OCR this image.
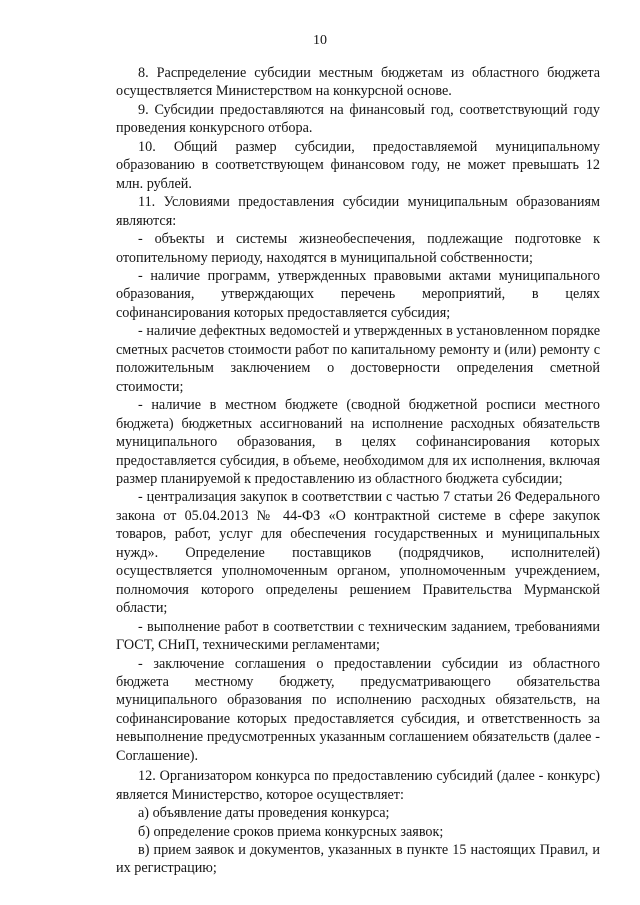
10

8. Распределение субсидии местным бюджетам из областного бюджета осуществляется Министерством на конкурсной основе.

9. Субсидии предоставляются на финансовый год, соответствующий году проведения конкурсного отбора.

10. Общий размер субсидии, предоставляемой муниципальному образованию в соответствующем финансовом году, не может превышать 12 млн. рублей.

11. Условиями предоставления субсидии муниципальным образованиям являются:

- объекты и системы жизнеобеспечения, подлежащие подготовке к отопительному периоду, находятся в муниципальной собственности;

- наличие программ, утвержденных правовыми актами муниципального образования, утверждающих перечень мероприятий, в целях софинансирования которых предоставляется субсидия;

- наличие дефектных ведомостей и утвержденных в установленном порядке сметных расчетов стоимости работ по капитальному ремонту и (или) ремонту с положительным заключением о достоверности определения сметной стоимости;

- наличие в местном бюджете (сводной бюджетной росписи местного бюджета) бюджетных ассигнований на исполнение расходных обязательств муниципального образования, в целях софинансирования которых предоставляется субсидия, в объеме, необходимом для их исполнения, включая размер планируемой к предоставлению из областного бюджета субсидии;

- централизация закупок в соответствии с частью 7 статьи 26 Федерального закона от 05.04.2013 № 44-ФЗ «О контрактной системе в сфере закупок товаров, работ, услуг для обеспечения государственных и муниципальных нужд». Определение поставщиков (подрядчиков, исполнителей) осуществляется уполномоченным органом, уполномоченным учреждением, полномочия которого определены решением Правительства Мурманской области;

- выполнение работ в соответствии с техническим заданием, требованиями ГОСТ, СНиП, техническими регламентами;

- заключение соглашения о предоставлении субсидии из областного бюджета местному бюджету, предусматривающего обязательства муниципального образования по исполнению расходных обязательств, на софинансирование которых предоставляется субсидия, и ответственность за невыполнение предусмотренных указанным соглашением обязательств (далее - Соглашение).

12. Организатором конкурса по предоставлению субсидий (далее - конкурс) является Министерство, которое осуществляет:

а) объявление даты проведения конкурса;

б) определение сроков приема конкурсных заявок;

в) прием заявок и документов, указанных в пункте 15 настоящих Правил, и их регистрацию;
